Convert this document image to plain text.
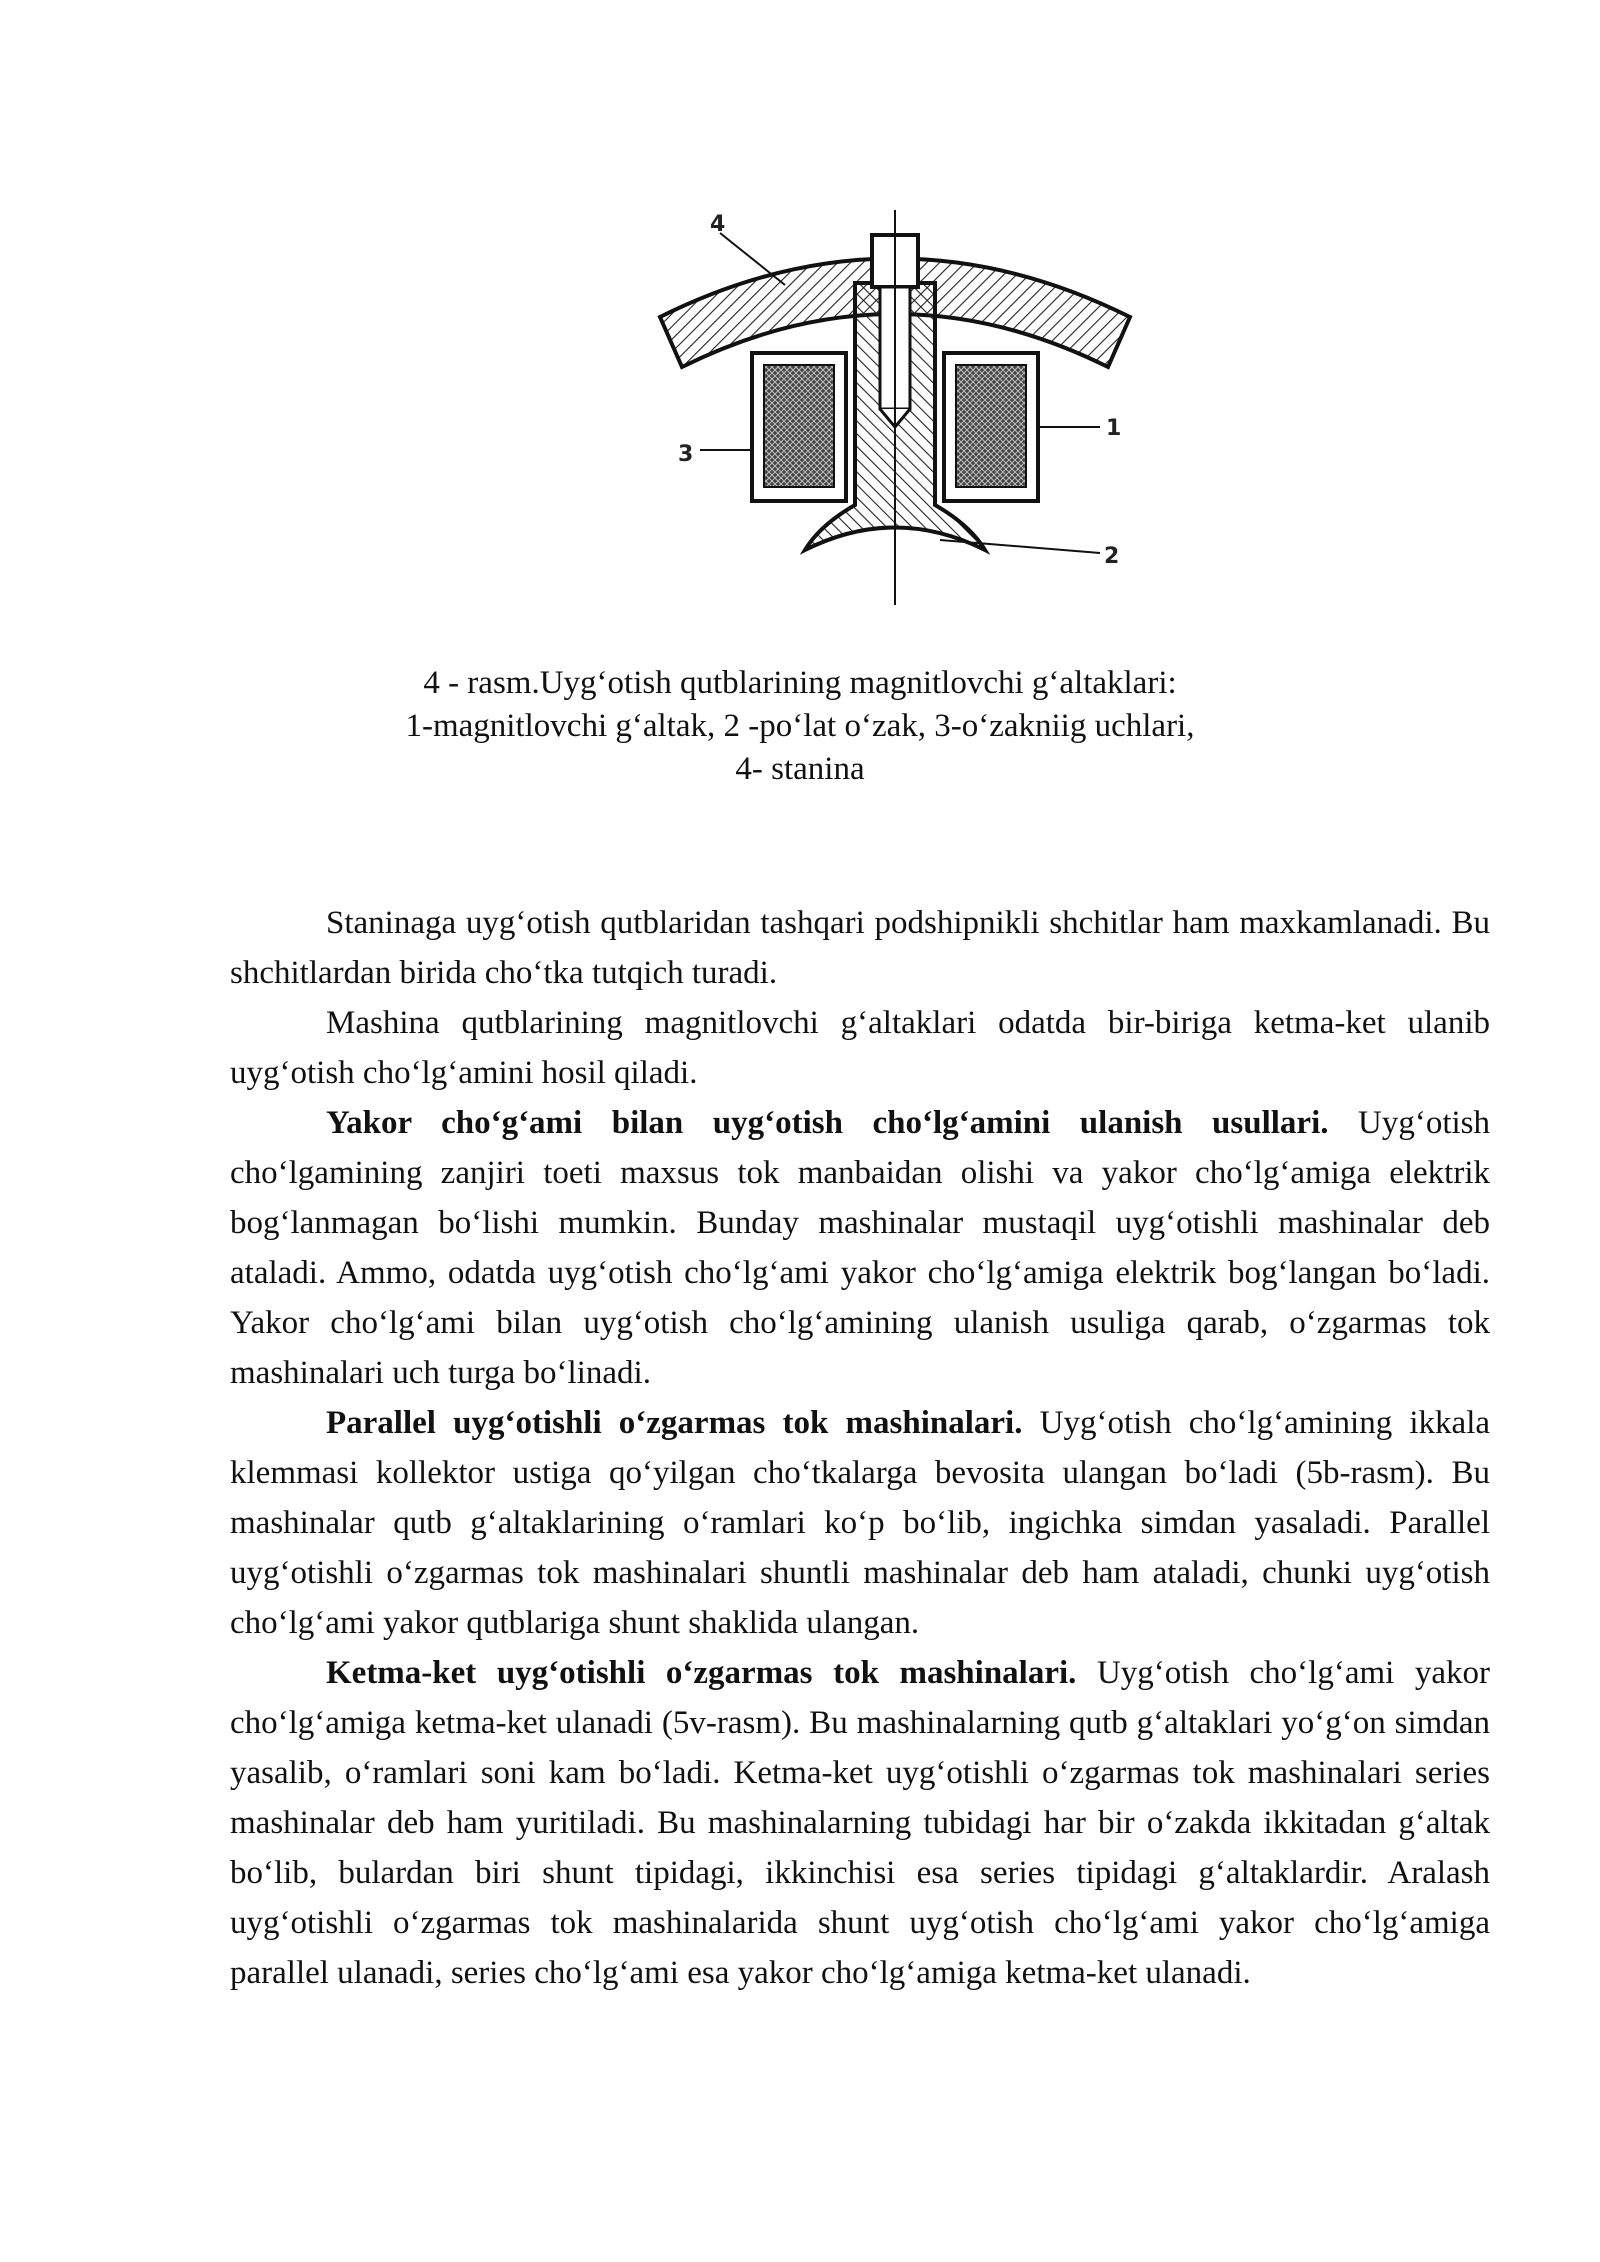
4
3
1
2
4 - rasm.Uyg‘otish qutblarining magnitlovchi g‘altaklari:
1-magnitlovchi g‘altak, 2 -po‘lat o‘zak, 3-o‘zakniig uchlari,
4- stanina

Staninaga uyg‘otish qutblaridan tashqari podshipnikli shchitlar ham maxkamlanadi. Bu shchitlardan birida cho‘tka tutqich turadi.

Mashina qutblarining magnitlovchi g‘altaklari odatda bir-biriga ketma-ket ulanib uyg‘otish cho‘lg‘amini hosil qiladi.

Yakor choʻgʻami bilan uyg‘otish cho‘lg‘amini ulanish usullari. Uyg‘otish cho‘lgamining zanjiri toeti maxsus tok manbaidan olishi va yakor cho‘lg‘amiga elektrik bog‘lanmagan bo‘lishi mumkin. Bunday mashinalar mustaqil uyg‘otishli mashinalar deb ataladi. Ammo, odatda uyg‘otish cho‘lg‘ami yakor cho‘lg‘amiga elektrik bog‘langan bo‘ladi. Yakor cho‘lg‘ami bilan uyg‘otish cho‘lg‘amining ulanish usuliga qarab, o‘zgarmas tok mashinalari uch turga bo‘linadi.

Parallel uyg‘otishli o‘zgarmas tok mashinalari. Uyg‘otish cho‘lg‘amining ikkala klemmasi kollektor ustiga qo‘yilgan cho‘tkalarga bevosita ulangan bo‘ladi (5b-rasm). Bu mashinalar qutb g‘altaklarining o‘ramlari ko‘p bo‘lib, ingichka simdan yasaladi. Parallel uyg‘otishli o‘zgarmas tok mashinalari shuntli mashinalar deb ham ataladi, chunki uyg‘otish cho‘lg‘ami yakor qutblariga shunt shaklida ulangan.

Ketma-ket uyg‘otishli o‘zgarmas tok mashinalari. Uyg‘otish cho‘lg‘ami yakor cho‘lg‘amiga ketma-ket ulanadi (5v-rasm). Bu mashinalarning qutb g‘altaklari yo‘g‘on simdan yasalib, o‘ramlari soni kam bo‘ladi. Ketma-ket uyg‘otishli o‘zgarmas tok mashinalari series mashinalar deb ham yuritiladi. Bu mashinalarning tubidagi har bir o‘zakda ikkitadan g‘altak bo‘lib, bulardan biri shunt tipidagi, ikkinchisi esa series tipidagi g‘altaklardir. Aralash uyg‘otishli o‘zgarmas tok mashinalarida shunt uyg‘otish cho‘lg‘ami yakor cho‘lg‘amiga parallel ulanadi, series cho‘lg‘ami esa yakor cho‘lg‘amiga ketma-ket ulanadi.
